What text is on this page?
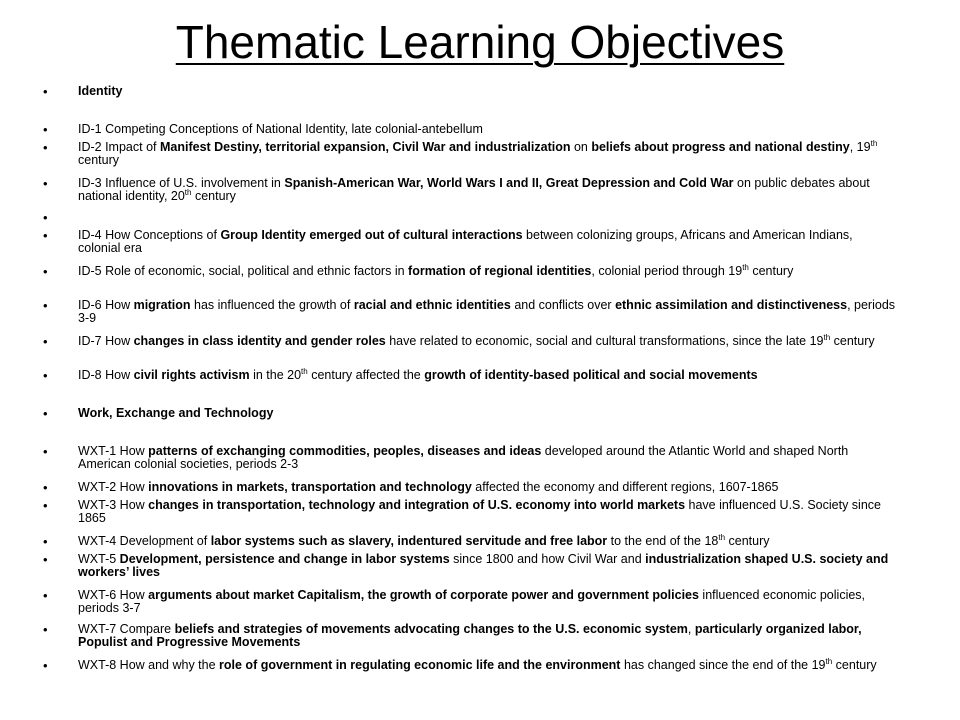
Thematic Learning Objectives
• Identity
• ID-1 Competing Conceptions of National Identity, late colonial-antebellum
• ID-2 Impact of Manifest Destiny, territorial expansion, Civil War and industrialization on beliefs about progress and national destiny, 19th century
• ID-3 Influence of U.S. involvement in Spanish-American War, World Wars I and II, Great Depression and Cold War on public debates about national identity, 20th century
•
• ID-4 How Conceptions of Group Identity emerged out of cultural interactions between colonizing groups, Africans and American Indians, colonial era
• ID-5 Role of economic, social, political and ethnic factors in formation of regional identities, colonial period through 19th century
• ID-6 How migration has influenced the growth of racial and ethnic identities and conflicts over ethnic assimilation and distinctiveness, periods 3-9
• ID-7 How changes in class identity and gender roles have related to economic, social and cultural transformations, since the late 19th century
• ID-8 How civil rights activism in the 20th century affected the growth of identity-based political and social movements
• Work, Exchange and Technology
• WXT-1 How patterns of exchanging commodities, peoples, diseases and ideas developed around the Atlantic World and shaped North American colonial societies, periods 2-3
• WXT-2 How innovations in markets, transportation and technology affected the economy and different regions, 1607-1865
• WXT-3 How changes in transportation, technology and integration of U.S. economy into world markets have influenced U.S. Society since 1865
• WXT-4 Development of labor systems such as slavery, indentured servitude and free labor to the end of the 18th century
• WXT-5 Development, persistence and change in labor systems since 1800 and how Civil War and industrialization shaped U.S. society and workers’ lives
• WXT-6 How arguments about market Capitalism, the growth of corporate power and government policies influenced economic policies, periods 3-7
• WXT-7 Compare beliefs and strategies of movements advocating changes to the U.S. economic system, particularly organized labor, Populist and Progressive Movements
• WXT-8 How and why the role of government in regulating economic life and the environment has changed since the end of the 19th century
